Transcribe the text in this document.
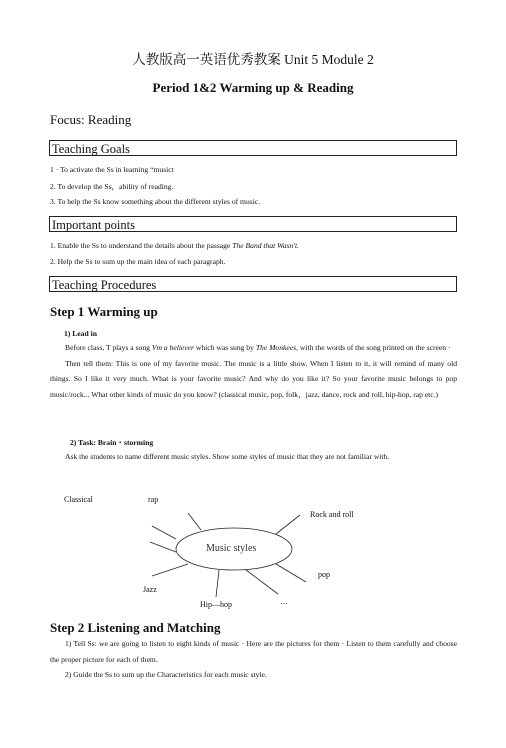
人教版高一英语优秀教案 Unit 5 Module 2
Period 1&2 Warming up & Reading
Focus: Reading
Teaching Goals
1 · To activate the Ss in learning “musict
2. To develop the Ss，ability of reading.
3. To help the Ss know something about the different styles of music.
Important points
1. Enable the Ss to understand the details about the passage The Band that Wasn't.
2. Help the Ss to sum up the main idea of each paragraph.
Teaching Procedures
Step 1 Warming up
1) Lead in

Before class, T plays a song Vm a believer which was sung by The Monkees, with the words of the song printed on the screen ·

Then tell them: This is one of my favorite music. The music is a little show. When I listen to it, it will remind of many old things. So I like it very much. What is your favorite music? And why do you like it? So your favorite music belongs to pop music/rock... What other kinds of music do you know? (classical music, pop, folk，jazz, dance, rock and roll, hip-hop, rap etc.)

2) Task: Brain・storming

Ask the students to name different music styles. Show some styles of music that they are not familiar with.

Classical	rap
Rock and roll
Music styles
pop
Jazz
Hip—hop	…
Step 2 Listening and Matching

1) Tell Ss: we are going to listen to eight kinds of music · Here are the pictures for them · Listen to them carefully and choose the proper picture for each of them.

2) Guide the Ss to sum up the Characteristics for each music style.
